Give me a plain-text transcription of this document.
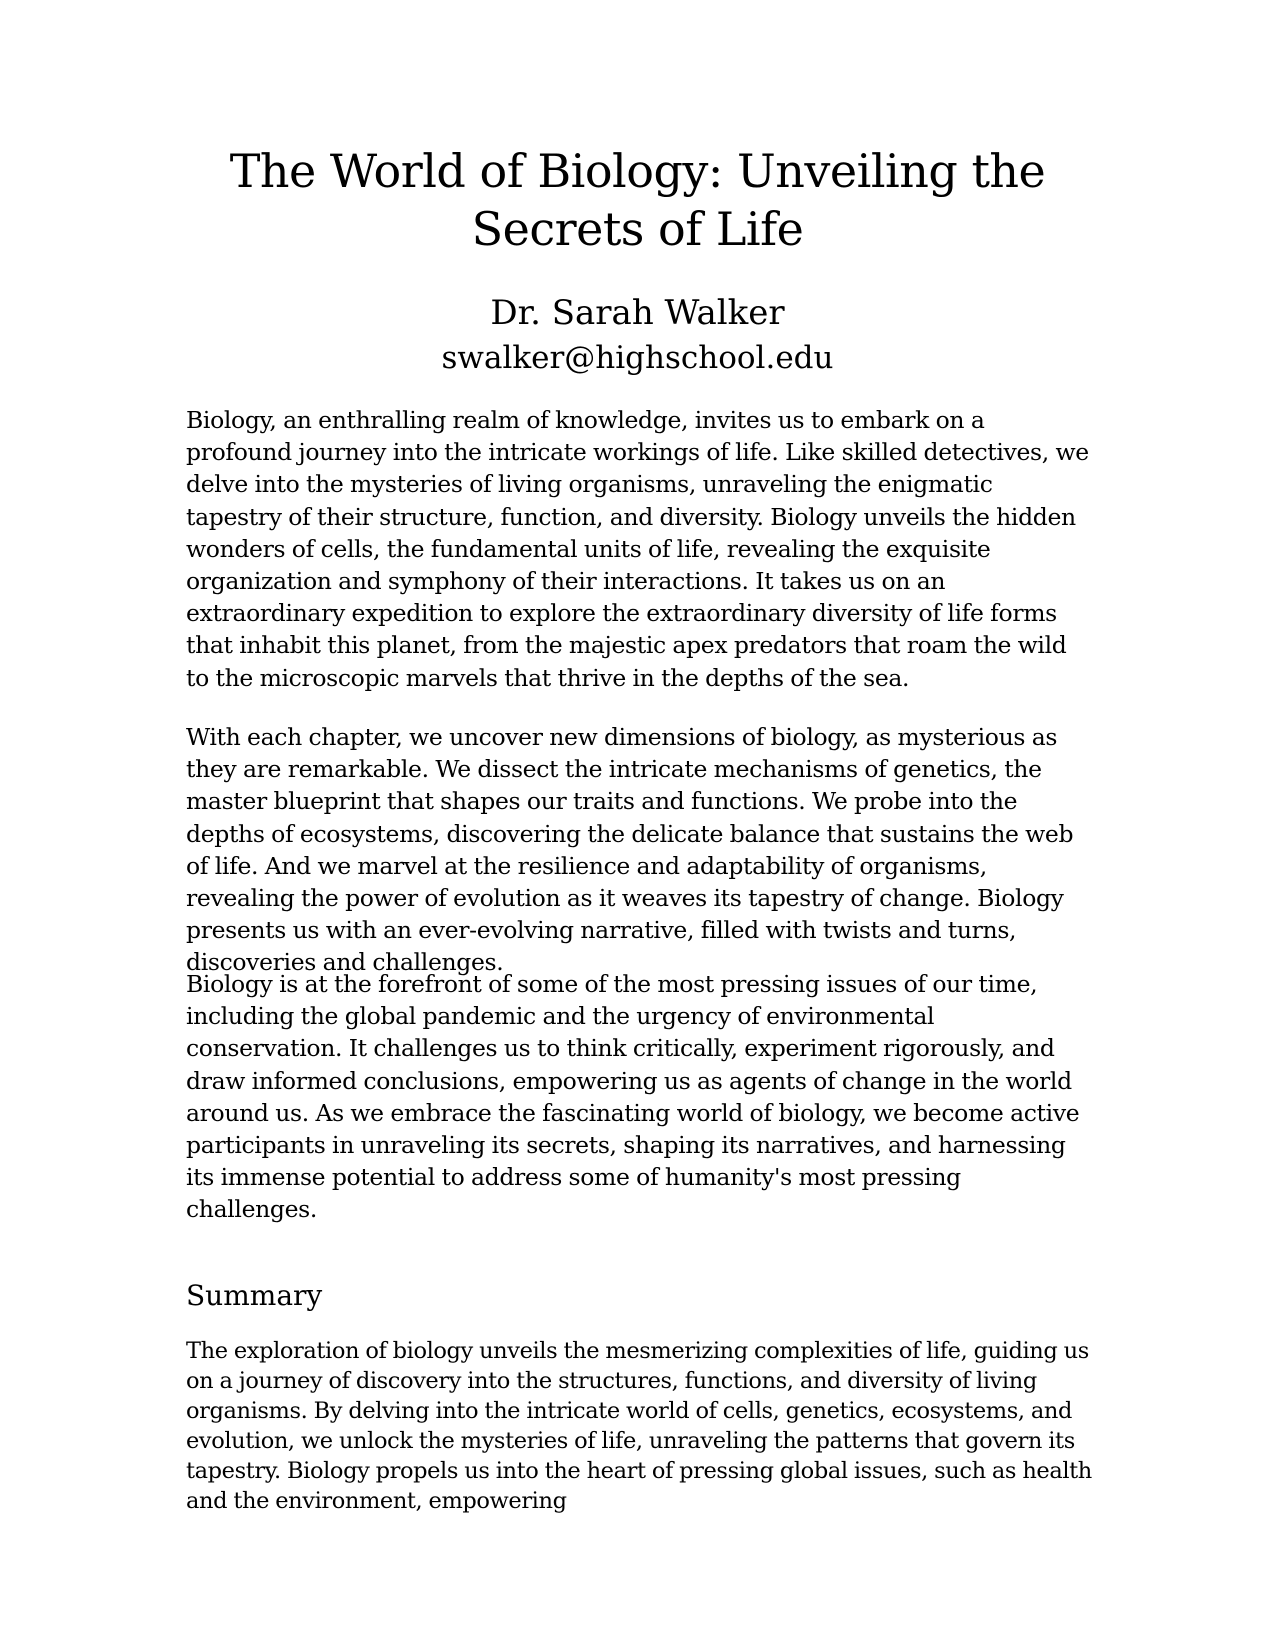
The World of Biology: Unveiling the Secrets of Life
Dr. Sarah Walker
swalker@highschool.edu

Biology, an enthralling realm of knowledge, invites us to embark on a profound journey into the intricate workings of life. Like skilled detectives, we delve into the mysteries of living organisms, unraveling the enigmatic tapestry of their structure, function, and diversity. Biology unveils the hidden wonders of cells, the fundamental units of life, revealing the exquisite organization and symphony of their interactions. It takes us on an extraordinary expedition to explore the extraordinary diversity of life forms that inhabit this planet, from the majestic apex predators that roam the wild to the microscopic marvels that thrive in the depths of the sea.

With each chapter, we uncover new dimensions of biology, as mysterious as they are remarkable. We dissect the intricate mechanisms of genetics, the master blueprint that shapes our traits and functions. We probe into the depths of ecosystems, discovering the delicate balance that sustains the web of life. And we marvel at the resilience and adaptability of organisms, revealing the power of evolution as it weaves its tapestry of change. Biology presents us with an ever-evolving narrative, filled with twists and turns, discoveries and challenges.

Biology is at the forefront of some of the most pressing issues of our time, including the global pandemic and the urgency of environmental conservation. It challenges us to think critically, experiment rigorously, and draw informed conclusions, empowering us as agents of change in the world around us. As we embrace the fascinating world of biology, we become active participants in unraveling its secrets, shaping its narratives, and harnessing its immense potential to address some of humanity's most pressing challenges.

Summary

The exploration of biology unveils the mesmerizing complexities of life, guiding us on a journey of discovery into the structures, functions, and diversity of living organisms. By delving into the intricate world of cells, genetics, ecosystems, and evolution, we unlock the mysteries of life, unraveling the patterns that govern its tapestry. Biology propels us into the heart of pressing global issues, such as health and the environment, empowering
